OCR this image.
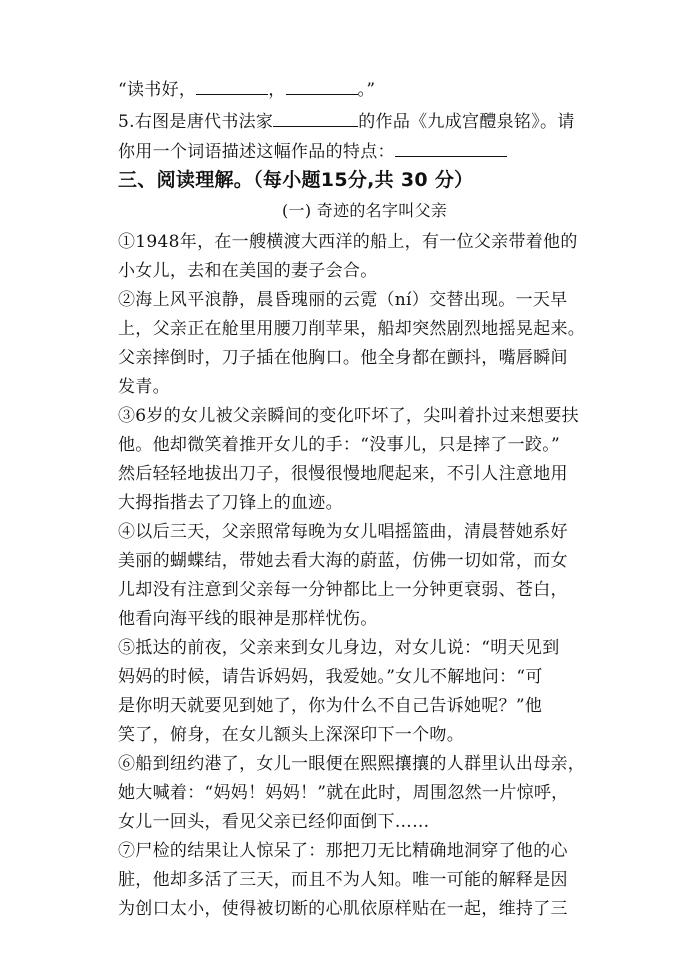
“读书好，	，	。”
5.右图是唐代书法家	的作品《九成宫醴泉铭》。请
你用一个词语描述这幅作品的特点：
三、阅读理解。（每小题15分,共 30 分）
(一) 奇迹的名字叫父亲
①1948年，在一艘横渡大西洋的船上，有一位父亲带着他的
小女儿，去和在美国的妻子会合。
②海上风平浪静，晨昏瑰丽的云霓（ní）交替出现。一天早
上，父亲正在舱里用腰刀削苹果，船却突然剧烈地摇晃起来。
父亲摔倒时，刀子插在他胸口。他全身都在颤抖，嘴唇瞬间
发青。
③6岁的女儿被父亲瞬间的变化吓坏了，尖叫着扑过来想要扶
他。他却微笑着推开女儿的手：“没事儿，只是摔了一跤。”
然后轻轻地拔出刀子，很慢很慢地爬起来，不引人注意地用
大拇指揩去了刀锋上的血迹。
④以后三天，父亲照常每晚为女儿唱摇篮曲，清晨替她系好
美丽的蝴蝶结，带她去看大海的蔚蓝，仿佛一切如常，而女
儿却没有注意到父亲每一分钟都比上一分钟更衰弱、苍白，
他看向海平线的眼神是那样忧伤。
⑤抵达的前夜，父亲来到女儿身边，对女儿说：“明天见到
妈妈的时候，请告诉妈妈，我爱她。”女儿不解地问：“可
是你明天就要见到她了，你为什么不自己告诉她呢？”他
笑了，俯身，在女儿额头上深深印下一个吻。
⑥船到纽约港了，女儿一眼便在熙熙攘攘的人群里认出母亲，
她大喊着：“妈妈！妈妈！”就在此时，周围忽然一片惊呼，
女儿一回头，看见父亲已经仰面倒下……
⑦尸检的结果让人惊呆了：那把刀无比精确地洞穿了他的心
脏，他却多活了三天，而且不为人知。唯一可能的解释是因
为创口太小，使得被切断的心肌依原样贴在一起，维持了三
